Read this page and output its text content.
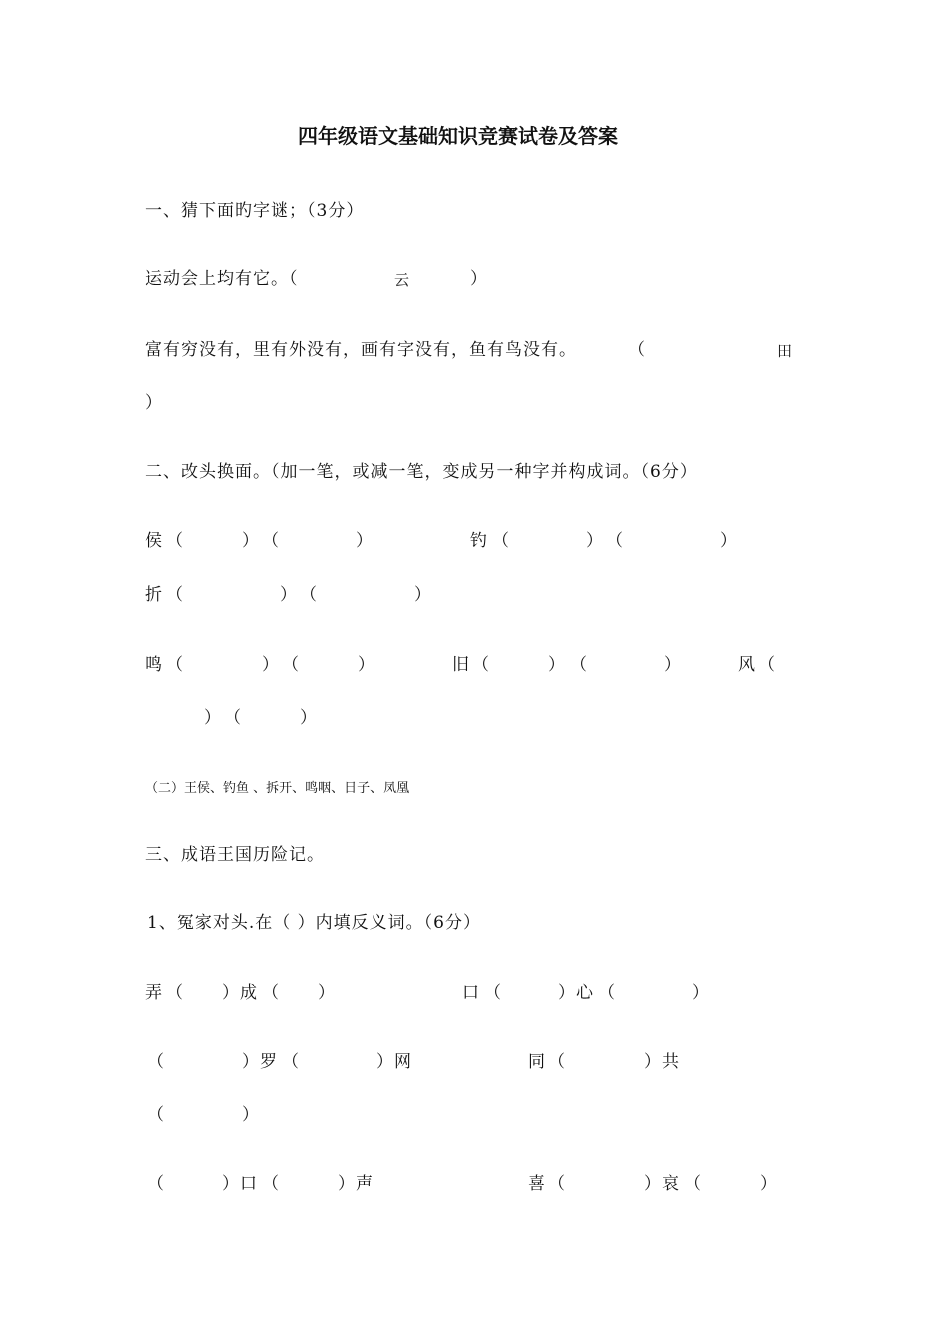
四年级语文基础知识竞赛试卷及答案
一、猜下面旳字谜；（3分）
运动会上均有它。（	云	）
富有穷没有，里有外没有，画有字没有，鱼有鸟没有。	（	田
）
二、改头换面。（加一笔，或减一笔，变成另一种字并构成词。（6分）
侯 （	） （	）	钓 （	） （	）
折 （	） （	）
鸣 （	） （	）	旧 （	） （	）	风 （
） （	）
（二）王侯、钓鱼 、拆开、鸣咽、日子、凤凰
三、成语王国历险记。
1、冤家对头.在（ ）内填反义词。（6分）
弄 （ ） 成 （ ）	口 （	） 心 （	）
（	） 罗 （	） 网	同 （	） 共
（	）
（	） 口 （	） 声	喜 （	） 哀 （	）
